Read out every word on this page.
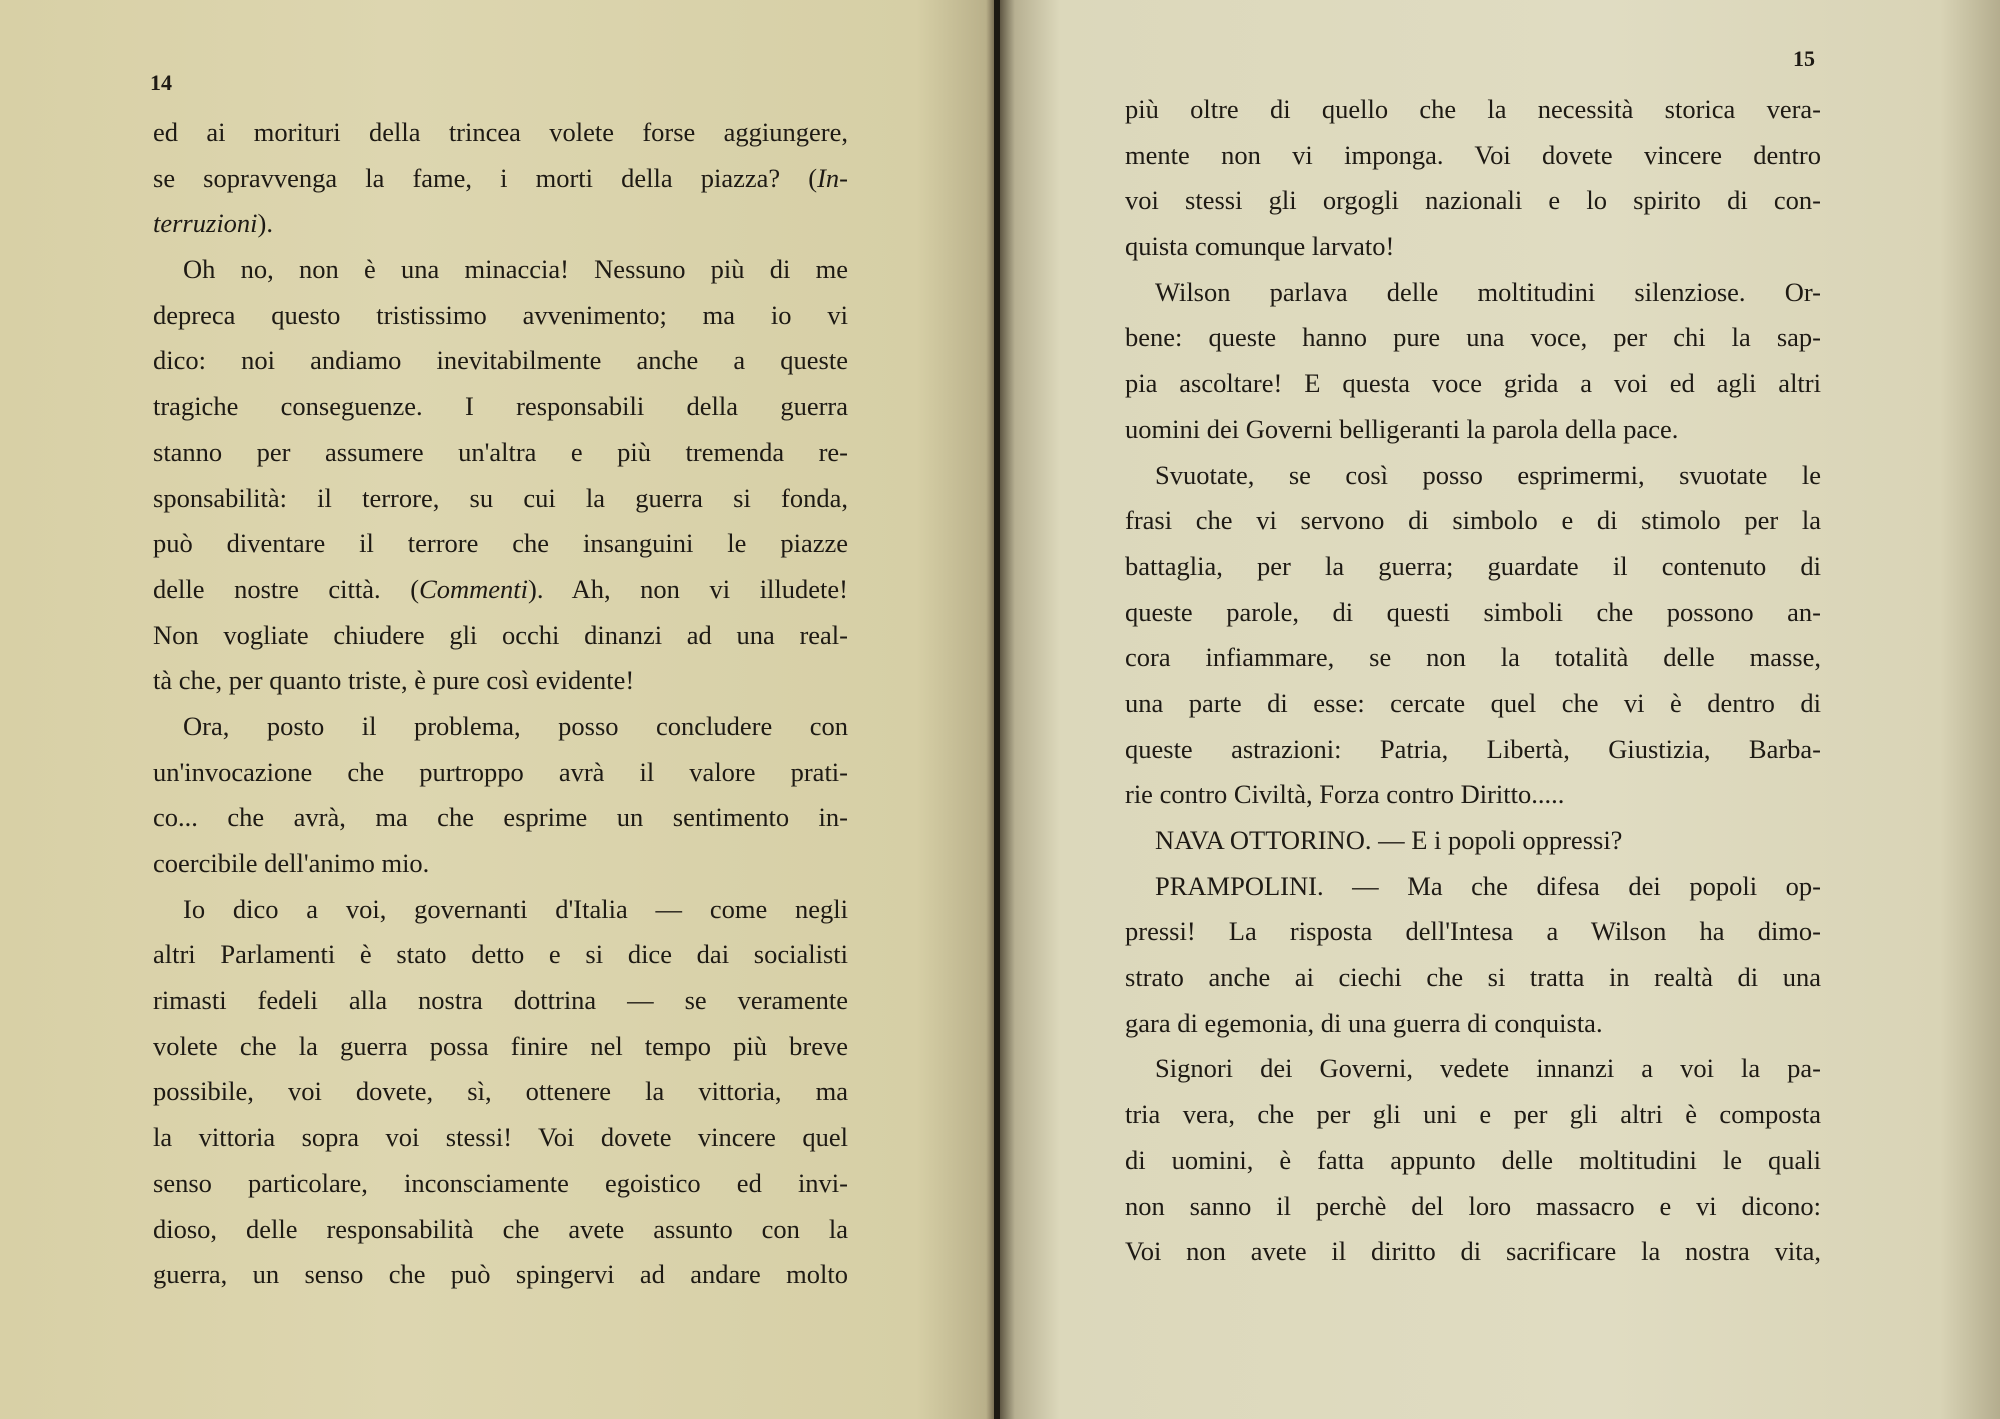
14
ed ai morituri della trincea volete forse aggiungere,
se sopravvenga la fame, i morti della piazza? (In-
terruzioni).
Oh no, non è una minaccia! Nessuno più di me
depreca questo tristissimo avvenimento; ma io vi
dico: noi andiamo inevitabilmente anche a queste
tragiche conseguenze. I responsabili della guerra
stanno per assumere un'altra e più tremenda re-
sponsabilità: il terrore, su cui la guerra si fonda,
può diventare il terrore che insanguini le piazze
delle nostre città. (Commenti). Ah, non vi illudete!
Non vogliate chiudere gli occhi dinanzi ad una real-
tà che, per quanto triste, è pure così evidente!
Ora, posto il problema, posso concludere con
un'invocazione che purtroppo avrà il valore prati-
co... che avrà, ma che esprime un sentimento in-
coercibile dell'animo mio.
Io dico a voi, governanti d'Italia — come negli
altri Parlamenti è stato detto e si dice dai socialisti
rimasti fedeli alla nostra dottrina — se veramente
volete che la guerra possa finire nel tempo più breve
possibile, voi dovete, sì, ottenere la vittoria, ma
la vittoria sopra voi stessi! Voi dovete vincere quel
senso particolare, inconsciamente egoistico ed invi-
dioso, delle responsabilità che avete assunto con la
guerra, un senso che può spingervi ad andare molto
15
più oltre di quello che la necessità storica vera-
mente non vi imponga. Voi dovete vincere dentro
voi stessi gli orgogli nazionali e lo spirito di con-
quista comunque larvato!
Wilson parlava delle moltitudini silenziose. Or-
bene: queste hanno pure una voce, per chi la sap-
pia ascoltare! E questa voce grida a voi ed agli altri
uomini dei Governi belligeranti la parola della pace.
Svuotate, se così posso esprimermi, svuotate le
frasi che vi servono di simbolo e di stimolo per la
battaglia, per la guerra; guardate il contenuto di
queste parole, di questi simboli che possono an-
cora infiammare, se non la totalità delle masse,
una parte di esse: cercate quel che vi è dentro di
queste astrazioni: Patria, Libertà, Giustizia, Barba-
rie contro Civiltà, Forza contro Diritto.....
NAVA OTTORINO. — E i popoli oppressi?
PRAMPOLINI. — Ma che difesa dei popoli op-
pressi! La risposta dell'Intesa a Wilson ha dimo-
strato anche ai ciechi che si tratta in realtà di una
gara di egemonia, di una guerra di conquista.
Signori dei Governi, vedete innanzi a voi la pa-
tria vera, che per gli uni e per gli altri è composta
di uomini, è fatta appunto delle moltitudini le quali
non sanno il perchè del loro massacro e vi dicono:
Voi non avete il diritto di sacrificare la nostra vita,
